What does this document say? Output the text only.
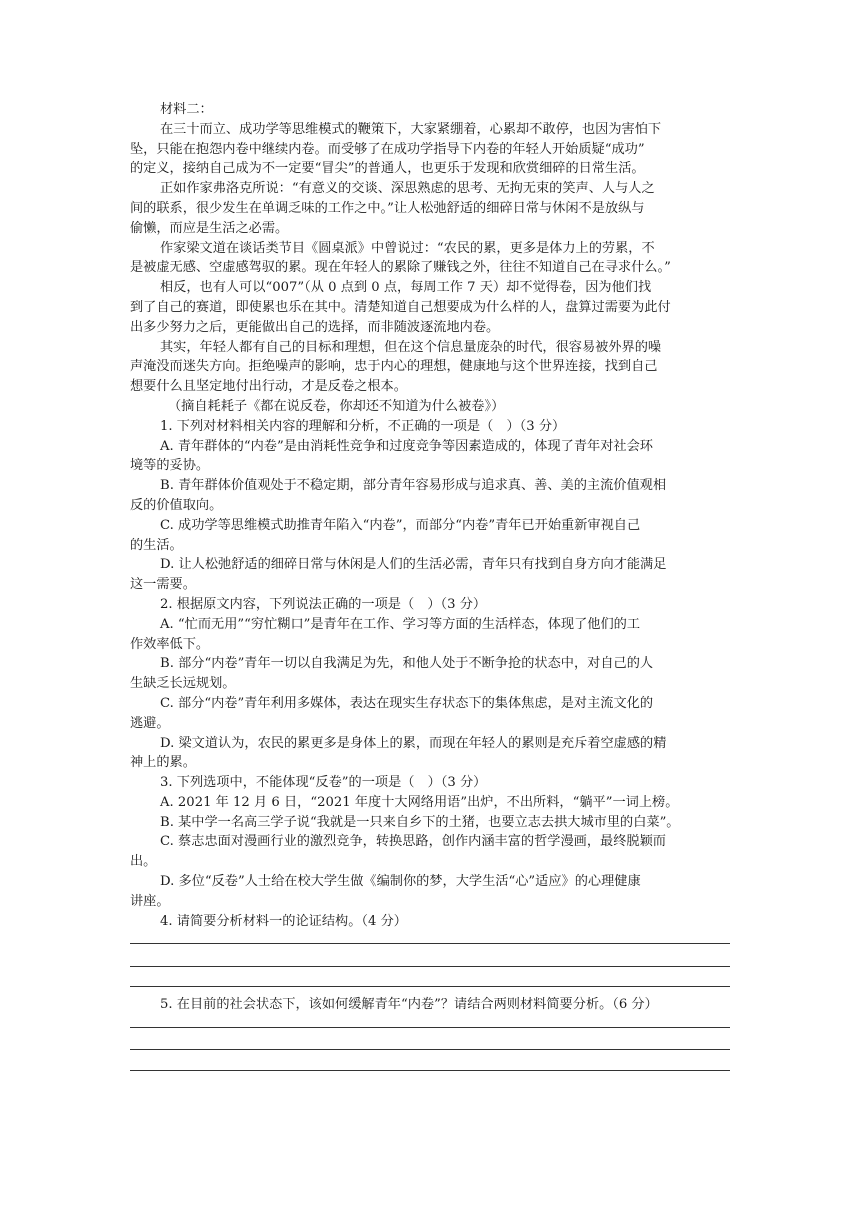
材料二：
在三十而立、成功学等思维模式的鞭策下，大家紧绷着，心累却不敢停，也因为害怕下
坠，只能在抱怨内卷中继续内卷。而受够了在成功学指导下内卷的年轻人开始质疑“成功”
的定义，接纳自己成为不一定要“冒尖”的普通人，也更乐于发现和欣赏细碎的日常生活。
正如作家弗洛克所说：“有意义的交谈、深思熟虑的思考、无拘无束的笑声、人与人之
间的联系，很少发生在单调乏味的工作之中。”让人松弛舒适的细碎日常与休闲不是放纵与
偷懒，而应是生活之必需。
作家梁文道在谈话类节目《圆桌派》中曾说过：“农民的累，更多是体力上的劳累，不
是被虚无感、空虚感驾驭的累。现在年轻人的累除了赚钱之外，往往不知道自己在寻求什么。”
相反，也有人可以“007”（从 0 点到 0 点，每周工作 7 天）却不觉得卷，因为他们找
到了自己的赛道，即使累也乐在其中。清楚知道自己想要成为什么样的人，盘算过需要为此付
出多少努力之后，更能做出自己的选择，而非随波逐流地内卷。
其实，年轻人都有自己的目标和理想，但在这个信息量庞杂的时代，很容易被外界的噪
声淹没而迷失方向。拒绝噪声的影响，忠于内心的理想，健康地与这个世界连接，找到自己
想要什么且坚定地付出行动，才是反卷之根本。
（摘自耗耗子《都在说反卷，你却还不知道为什么被卷》）
1. 下列对材料相关内容的理解和分析，不正确的一项是（　）（3 分）
A. 青年群体的“内卷”是由消耗性竞争和过度竞争等因素造成的，体现了青年对社会环
境等的妥协。
B. 青年群体价值观处于不稳定期，部分青年容易形成与追求真、善、美的主流价值观相
反的价值取向。
C. 成功学等思维模式助推青年陷入“内卷”，而部分“内卷”青年已开始重新审视自己
的生活。
D. 让人松弛舒适的细碎日常与休闲是人们的生活必需，青年只有找到自身方向才能满足
这一需要。
2. 根据原文内容，下列说法正确的一项是（　）（3 分）
A. “忙而无用”“穷忙糊口”是青年在工作、学习等方面的生活样态，体现了他们的工
作效率低下。
B. 部分“内卷”青年一切以自我满足为先，和他人处于不断争抢的状态中，对自己的人
生缺乏长远规划。
C. 部分“内卷”青年利用多媒体，表达在现实生存状态下的集体焦虑，是对主流文化的
逃避。
D. 梁文道认为，农民的累更多是身体上的累，而现在年轻人的累则是充斥着空虚感的精
神上的累。
3. 下列选项中，不能体现“反卷”的一项是（　）（3 分）
A. 2021 年 12 月 6 日，“2021 年度十大网络用语”出炉，不出所料，“躺平”一词上榜。
B. 某中学一名高三学子说“我就是一只来自乡下的土猪，也要立志去拱大城市里的白菜”。
C. 蔡志忠面对漫画行业的激烈竞争，转换思路，创作内涵丰富的哲学漫画，最终脱颖而
出。
D. 多位“反卷”人士给在校大学生做《编制你的梦，大学生活“心”适应》的心理健康
讲座。
4. 请简要分析材料一的论证结构。（4 分）
5. 在目前的社会状态下，该如何缓解青年“内卷”？请结合两则材料简要分析。（6 分）
